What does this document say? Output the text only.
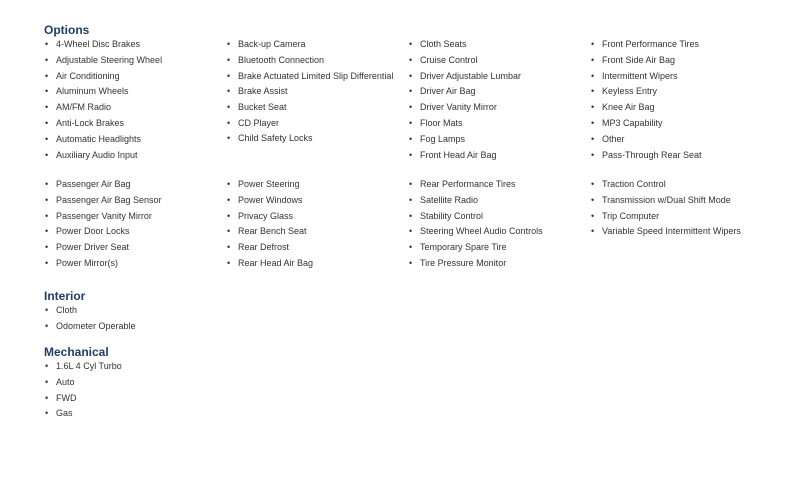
Options
• 4-Wheel Disc Brakes
• Adjustable Steering Wheel
• Air Conditioning
• Aluminum Wheels
• AM/FM Radio
• Anti-Lock Brakes
• Automatic Headlights
• Auxiliary Audio Input
• Back-up Camera
• Bluetooth Connection
• Brake Actuated Limited Slip Differential
• Brake Assist
• Bucket Seat
• CD Player
• Child Safety Locks
• Cloth Seats
• Cruise Control
• Driver Adjustable Lumbar
• Driver Air Bag
• Driver Vanity Mirror
• Floor Mats
• Fog Lamps
• Front Head Air Bag
• Front Performance Tires
• Front Side Air Bag
• Intermittent Wipers
• Keyless Entry
• Knee Air Bag
• MP3 Capability
• Other
• Pass-Through Rear Seat
• Passenger Air Bag
• Passenger Air Bag Sensor
• Passenger Vanity Mirror
• Power Door Locks
• Power Driver Seat
• Power Mirror(s)
• Power Steering
• Power Windows
• Privacy Glass
• Rear Bench Seat
• Rear Defrost
• Rear Head Air Bag
• Rear Performance Tires
• Satellite Radio
• Stability Control
• Steering Wheel Audio Controls
• Temporary Spare Tire
• Tire Pressure Monitor
• Traction Control
• Transmission w/Dual Shift Mode
• Trip Computer
• Variable Speed Intermittent Wipers
Interior
• Cloth
• Odometer Operable
Mechanical
• 1.6L 4 Cyl Turbo
• Auto
• FWD
• Gas
